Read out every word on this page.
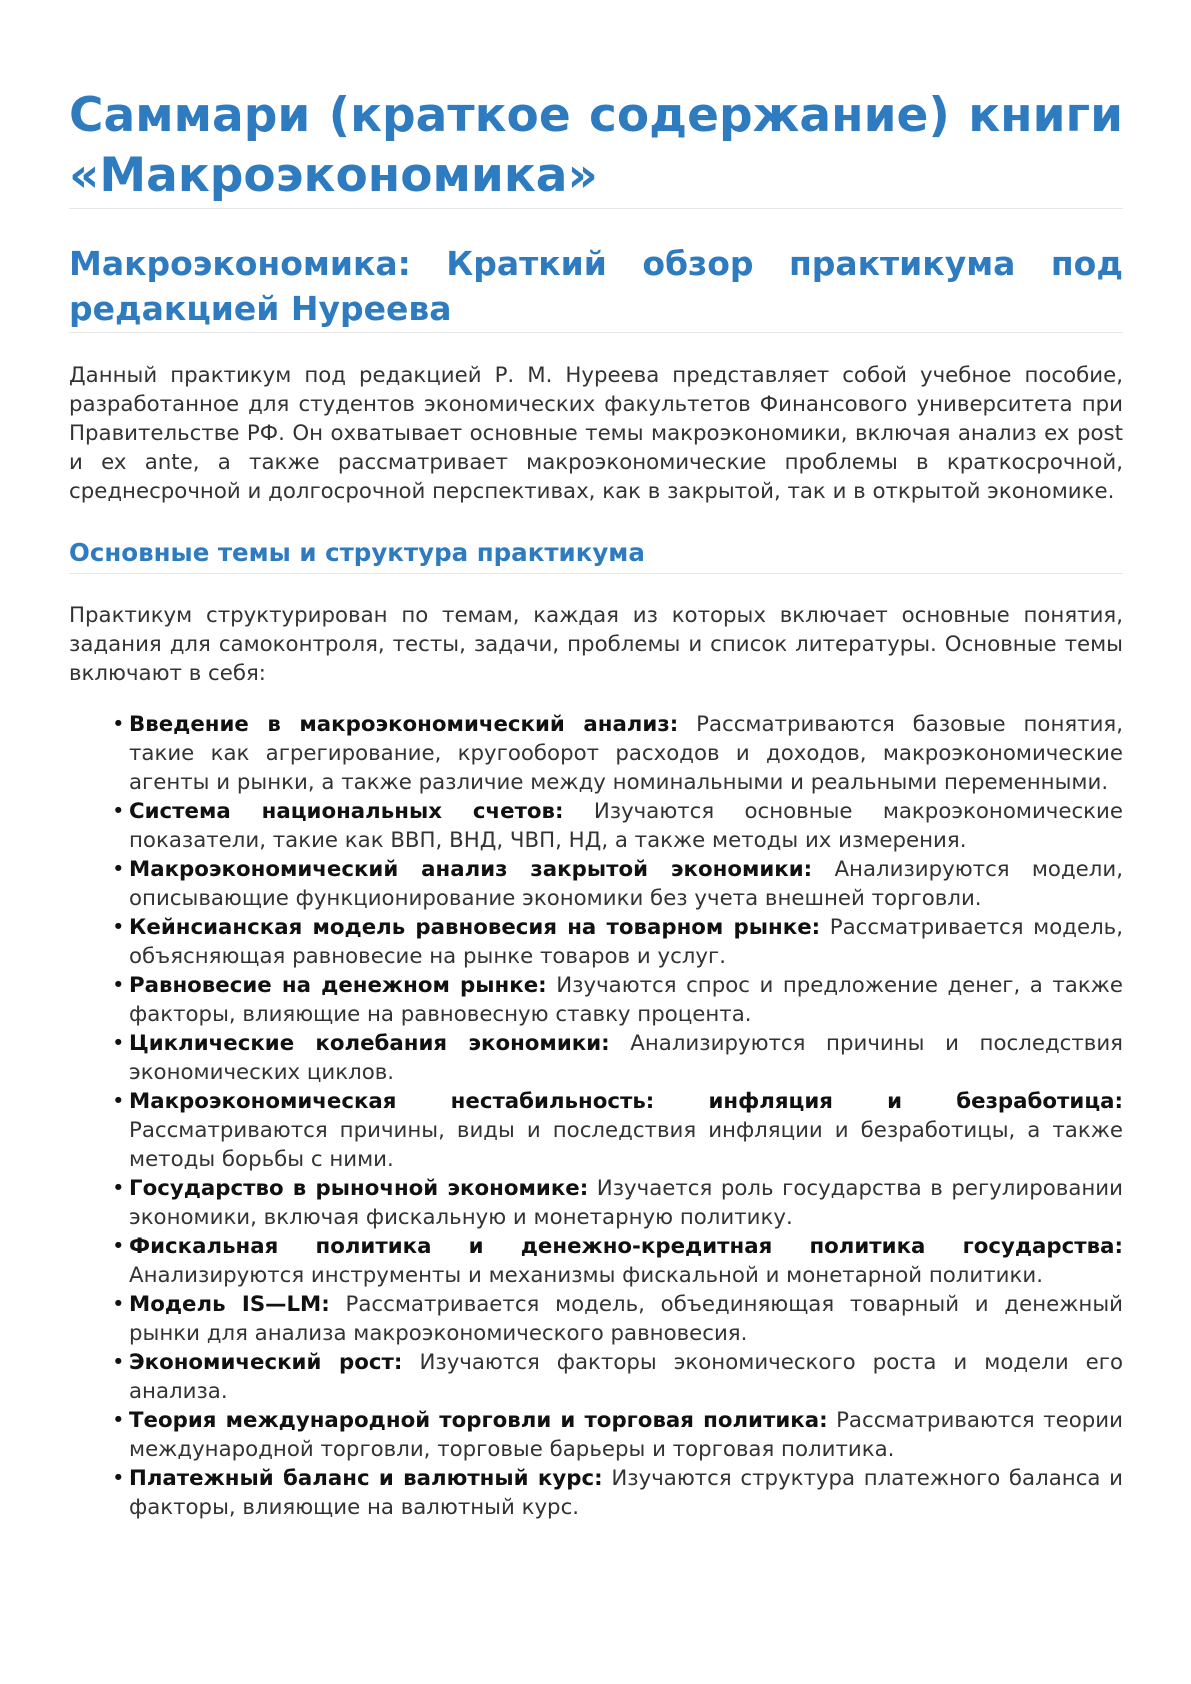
Саммари (краткое содержание) книги «Макроэкономика»
Макроэкономика: Краткий обзор практикума под редакцией Нуреева

Данный практикум под редакцией Р. М. Нуреева представляет собой учебное пособие, разработанное для студентов экономических факультетов Финансового университета при Правительстве РФ. Он охватывает основные темы макроэкономики, включая анализ ex post и ex ante, а также рассматривает макроэкономические проблемы в краткосрочной, среднесрочной и долгосрочной перспективах, как в закрытой, так и в открытой экономике.

Основные темы и структура практикума

Практикум структурирован по темам, каждая из которых включает основные понятия, задания для самоконтроля, тесты, задачи, проблемы и список литературы. Основные темы включают в себя:

• Введение в макроэкономический анализ: Рассматриваются базовые понятия, такие как агрегирование, кругооборот расходов и доходов, макроэкономические агенты и рынки, а также различие между номинальными и реальными переменными.
• Система национальных счетов: Изучаются основные макроэкономические показатели, такие как ВВП, ВНД, ЧВП, НД, а также методы их измерения.
• Макроэкономический анализ закрытой экономики: Анализируются модели, описывающие функционирование экономики без учета внешней торговли.
• Кейнсианская модель равновесия на товарном рынке: Рассматривается модель, объясняющая равновесие на рынке товаров и услуг.
• Равновесие на денежном рынке: Изучаются спрос и предложение денег, а также факторы, влияющие на равновесную ставку процента.
• Циклические колебания экономики: Анализируются причины и последствия экономических циклов.
• Макроэкономическая нестабильность: инфляция и безработица: Рассматриваются причины, виды и последствия инфляции и безработицы, а также методы борьбы с ними.
• Государство в рыночной экономике: Изучается роль государства в регулировании экономики, включая фискальную и монетарную политику.
• Фискальная политика и денежно-кредитная политика государства: Анализируются инструменты и механизмы фискальной и монетарной политики.
• Модель IS—LM: Рассматривается модель, объединяющая товарный и денежный рынки для анализа макроэкономического равновесия.
• Экономический рост: Изучаются факторы экономического роста и модели его анализа.
• Теория международной торговли и торговая политика: Рассматриваются теории международной торговли, торговые барьеры и торговая политика.
• Платежный баланс и валютный курс: Изучаются структура платежного баланса и факторы, влияющие на валютный курс.
